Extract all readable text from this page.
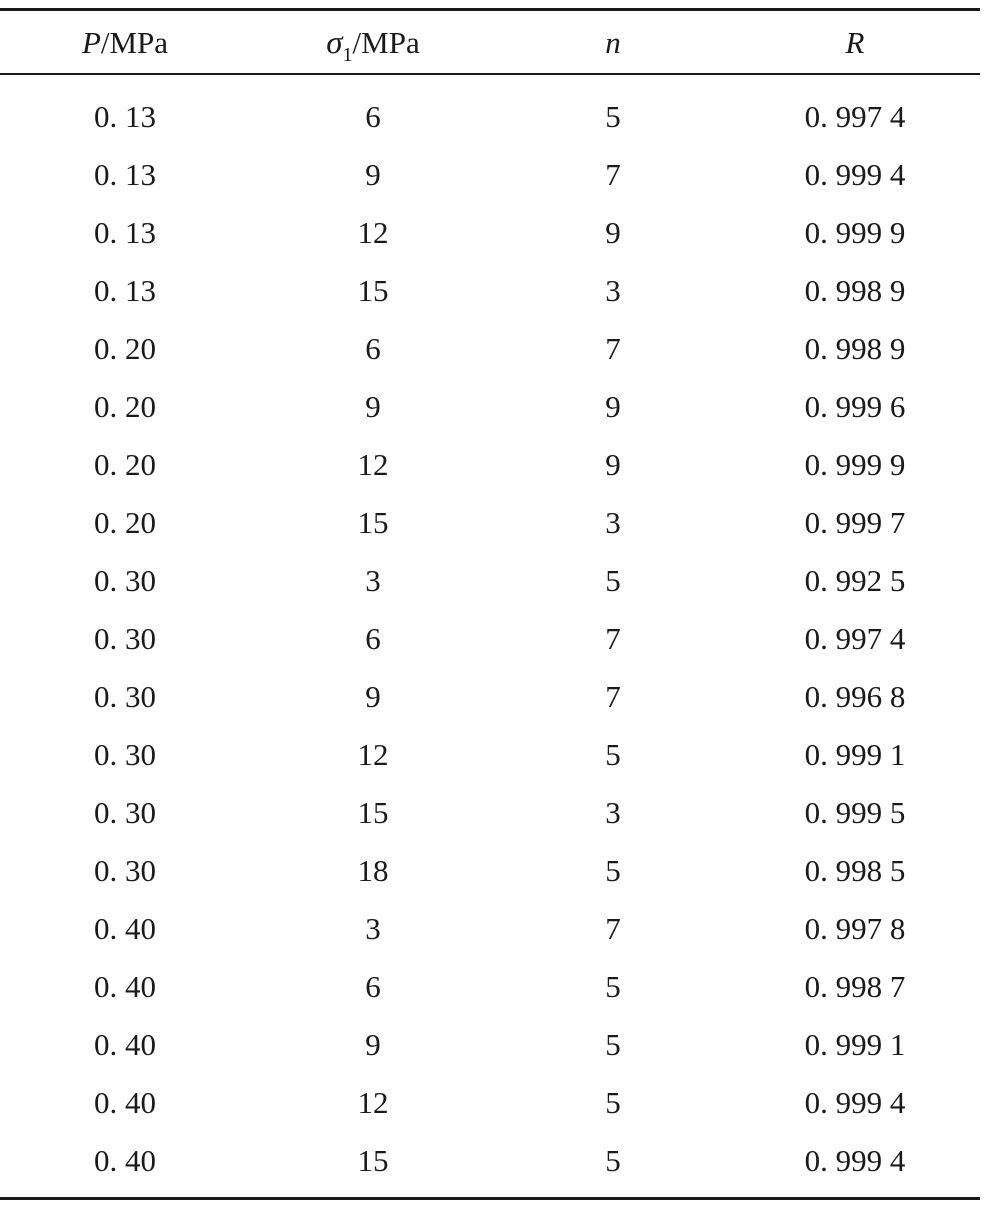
P/MPa	$\sigma_1$/MPa	n	R
0. 13	6	5	0. 997 4
0. 13	9	7	0. 999 4
0. 13	12	9	0. 999 9
0. 13	15	3	0. 998 9
0. 20	6	7	0. 998 9
0. 20	9	9	0. 999 6
0. 20	12	9	0. 999 9
0. 20	15	3	0. 999 7
0. 30	3	5	0. 992 5
0. 30	6	7	0. 997 4
0. 30	9	7	0. 996 8
0. 30	12	5	0. 999 1
0. 30	15	3	0. 999 5
0. 30	18	5	0. 998 5
0. 40	3	7	0. 997 8
0. 40	6	5	0. 998 7
0. 40	9	5	0. 999 1
0. 40	12	5	0. 999 4
0. 40	15	5	0. 999 4
